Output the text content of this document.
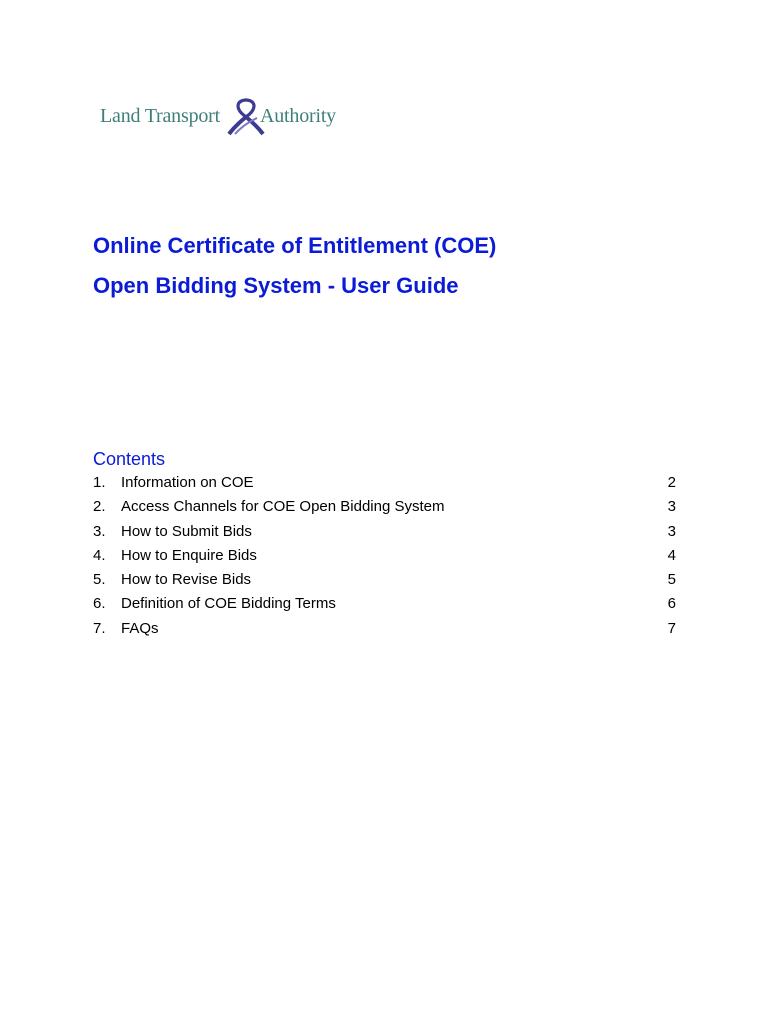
Land Transport Authority
Online Certificate of Entitlement (COE)
Open Bidding System - User Guide
Contents
1.	Information on COE	2
2.	Access Channels for COE Open Bidding System	3
3.	How to Submit Bids	3
4.	How to Enquire Bids	4
5.	How to Revise Bids	5
6.	Definition of COE Bidding Terms	6
7.	FAQs	7
